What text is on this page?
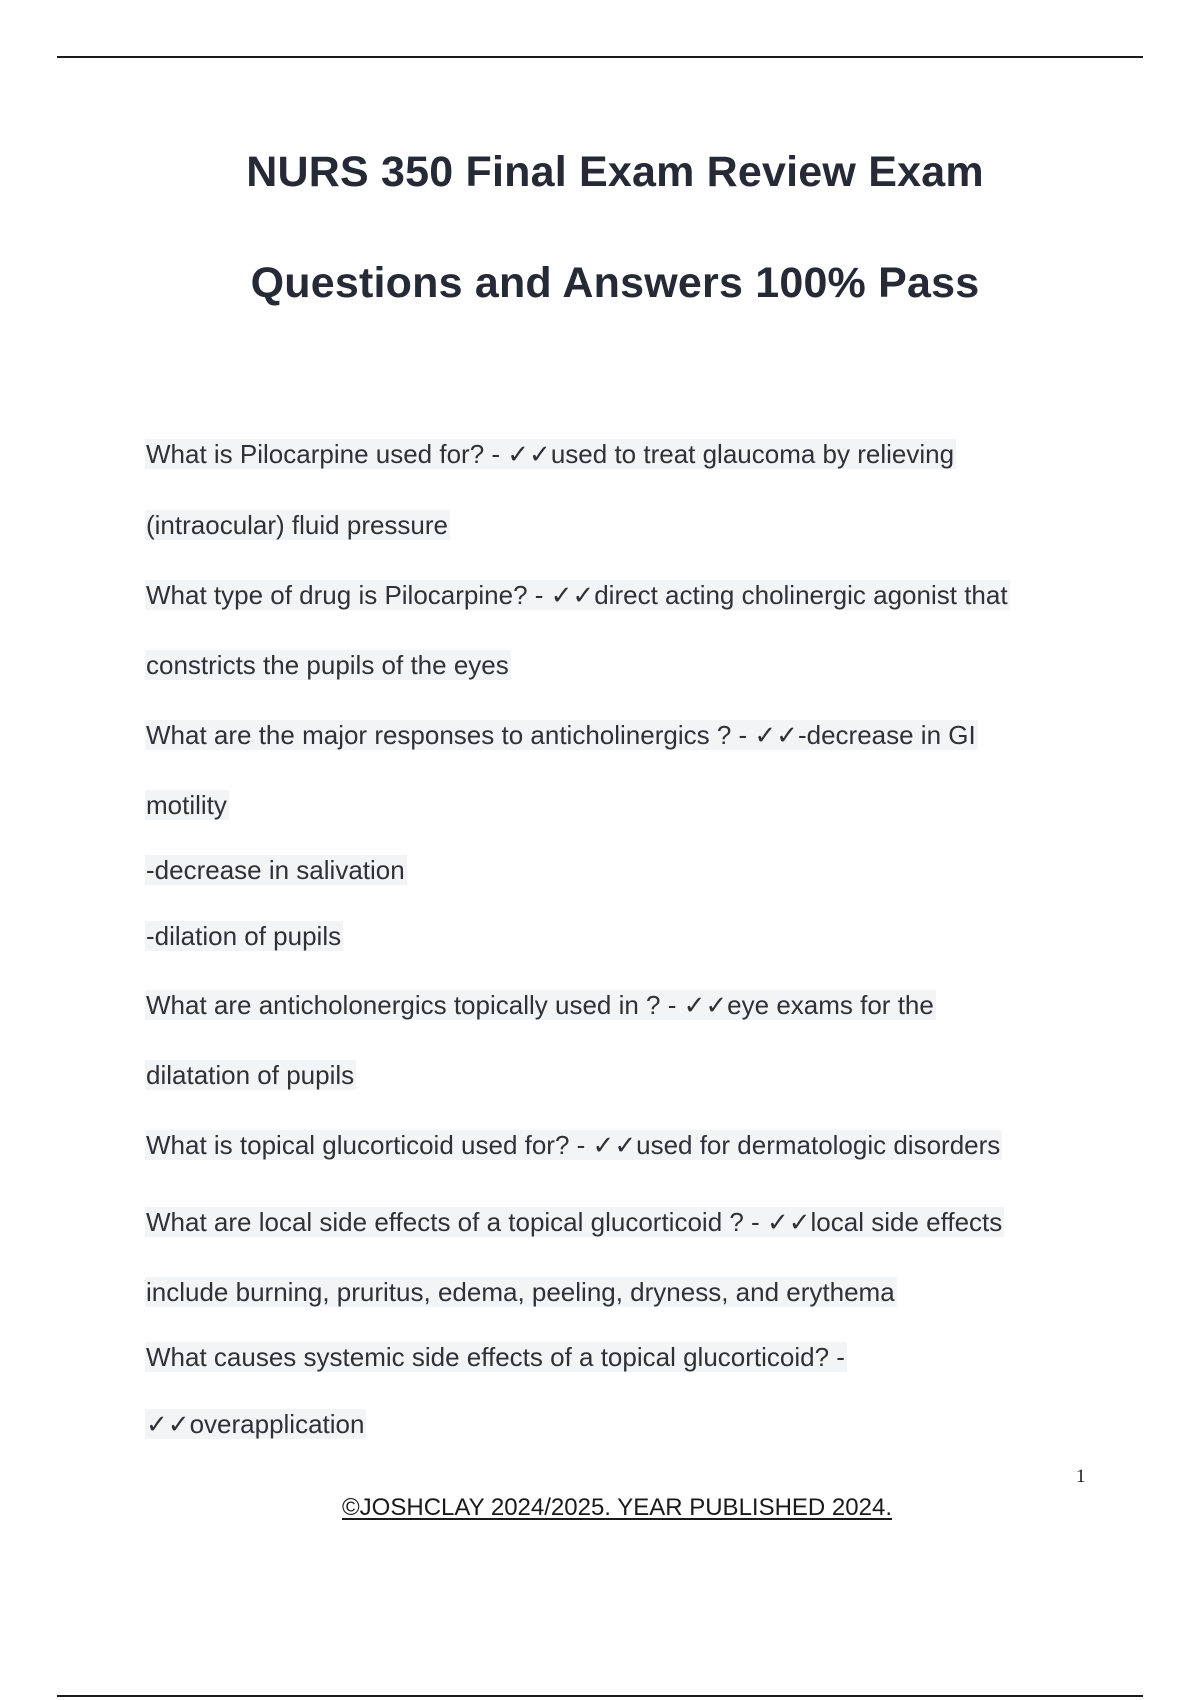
NURS 350 Final Exam Review Exam
Questions and Answers 100% Pass
What is Pilocarpine used for? - ✓✓used to treat glaucoma by relieving
(intraocular) fluid pressure
What type of drug is Pilocarpine? - ✓✓direct acting cholinergic agonist that
constricts the pupils of the eyes
What are the major responses to anticholinergics ? - ✓✓-decrease in GI
motility
-decrease in salivation
-dilation of pupils
What are anticholonergics topically used in ? - ✓✓eye exams for the
dilatation of pupils
What is topical glucorticoid used for? - ✓✓used for dermatologic disorders
What are local side effects of a topical glucorticoid ? - ✓✓local side effects
include burning, pruritus, edema, peeling, dryness, and erythema
What causes systemic side effects of a topical glucorticoid? -
✓✓overapplication
1
©JOSHCLAY 2024/2025. YEAR PUBLISHED 2024.
